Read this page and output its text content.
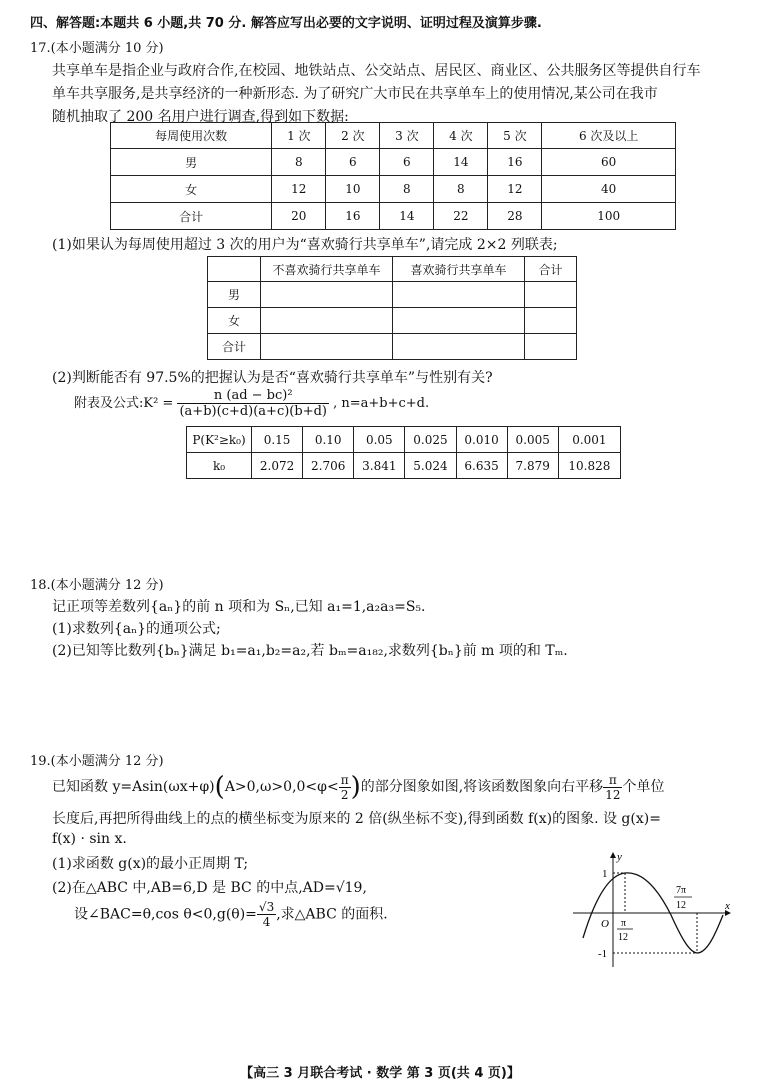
四、解答题:本题共 6 小题,共 70 分. 解答应写出必要的文字说明、证明过程及演算步骤.
17.(本小题满分 10 分)
共享单车是指企业与政府合作,在校园、地铁站点、公交站点、居民区、商业区、公共服务区等提供自行车
单车共享服务,是共享经济的一种新形态. 为了研究广大市民在共享单车上的使用情况,某公司在我市
随机抽取了 200 名用户进行调查,得到如下数据:
每周使用次数	1 次	2 次	3 次	4 次	5 次	6 次及以上
男	8	6	6	14	16	60
女	12	10	8	8	12	40
合计	20	16	14	22	28	100
(1)如果认为每周使用超过 3 次的用户为“喜欢骑行共享单车”,请完成 2×2 列联表;
	不喜欢骑行共享单车	喜欢骑行共享单车	合计
男			
女			
合计			
(2)判断能否有 97.5%的把握认为是否“喜欢骑行共享单车”与性别有关?
附表及公式:K² = $\frac{\text{n (ad − bc)²}}{(a+b)(c+d)(a+c)(b+d)}$ , n=a+b+c+d.
P(K²≥k₀)	0.15	0.10	0.05	0.025	0.010	0.005	0.001
k₀	2.072	2.706	3.841	5.024	6.635	7.879	10.828
18.(本小题满分 12 分)
记正项等差数列{aₙ}的前 n 项和为 Sₙ,已知 a₁=1,a₂a₃=S₅.
(1)求数列{aₙ}的通项公式;
(2)已知等比数列{bₙ}满足 b₁=a₁,b₂=a₂,若 bₘ=a₁₈₂,求数列{bₙ}前 m 项的和 Tₘ.
19.(本小题满分 12 分)
已知函数 $y=Asin(\omega x+\varphi)(A>0,\omega>0,0<\varphi< \frac{\pi}{2}$ )的部分图象如图,将该函数图象向右平移 $\frac{\pi}{12}$ 个单位
长度后,再把所得曲线上的点的横坐标变为原来的 2 倍(纵坐标不变),得到函数 f(x)的图象. 设 g(x)=
f(x) · sin x.
(1)求函数 g(x)的最小正周期 T;
(2)在△ABC 中,AB=6,D 是 BC 的中点,AD=√19,
设∠BAC=θ,cos $\theta<0,g(\theta)= \frac{√3}{4}$ ,求△ABC 的面积.
y
x
O
1
-1
π
12
7π
12
【高三 3 月联合考试 · 数学 第 3 页(共 4 页)】
